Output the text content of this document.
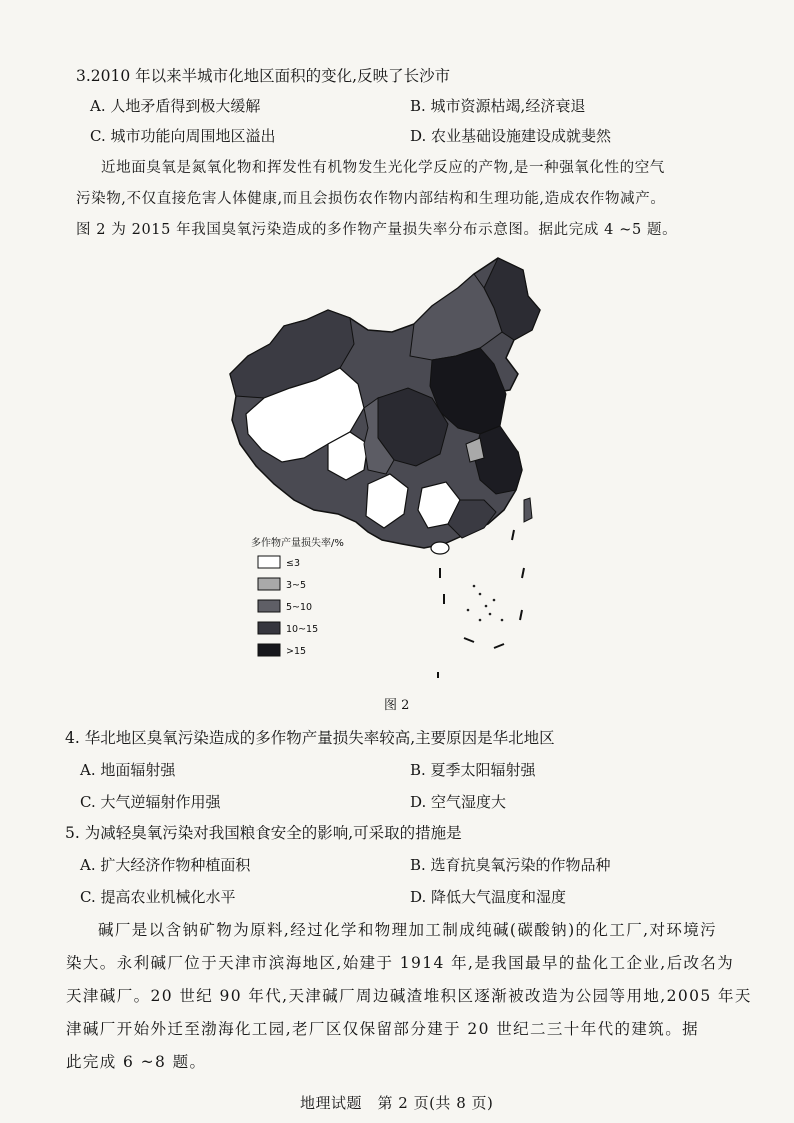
3.2010 年以来半城市化地区面积的变化,反映了长沙市
A. 人地矛盾得到极大缓解	B. 城市资源枯竭,经济衰退
C. 城市功能向周围地区溢出	D. 农业基础设施建设成就斐然
近地面臭氧是氮氧化物和挥发性有机物发生光化学反应的产物,是一种强氧化性的空气
污染物,不仅直接危害人体健康,而且会损伤农作物内部结构和生理功能,造成农作物减产。
图 2 为 2015 年我国臭氧污染造成的多作物产量损失率分布示意图。据此完成 4 ~5 题。
多作物产量损失率/%
≤3
3~5
5~10
10~15
>15
图 2
4. 华北地区臭氧污染造成的多作物产量损失率较高,主要原因是华北地区
A. 地面辐射强	B. 夏季太阳辐射强
C. 大气逆辐射作用强	D. 空气湿度大
5. 为减轻臭氧污染对我国粮食安全的影响,可采取的措施是
A. 扩大经济作物种植面积	B. 选育抗臭氧污染的作物品种
C. 提高农业机械化水平	D. 降低大气温度和湿度
碱厂是以含钠矿物为原料,经过化学和物理加工制成纯碱(碳酸钠)的化工厂,对环境污
染大。永利碱厂位于天津市滨海地区,始建于 1914 年,是我国最早的盐化工企业,后改名为
天津碱厂。20 世纪 90 年代,天津碱厂周边碱渣堆积区逐渐被改造为公园等用地,2005 年天
津碱厂开始外迁至渤海化工园,老厂区仅保留部分建于 20 世纪二三十年代的建筑。据
此完成 6 ~8 题。
地理试题　第 2 页(共 8 页)
